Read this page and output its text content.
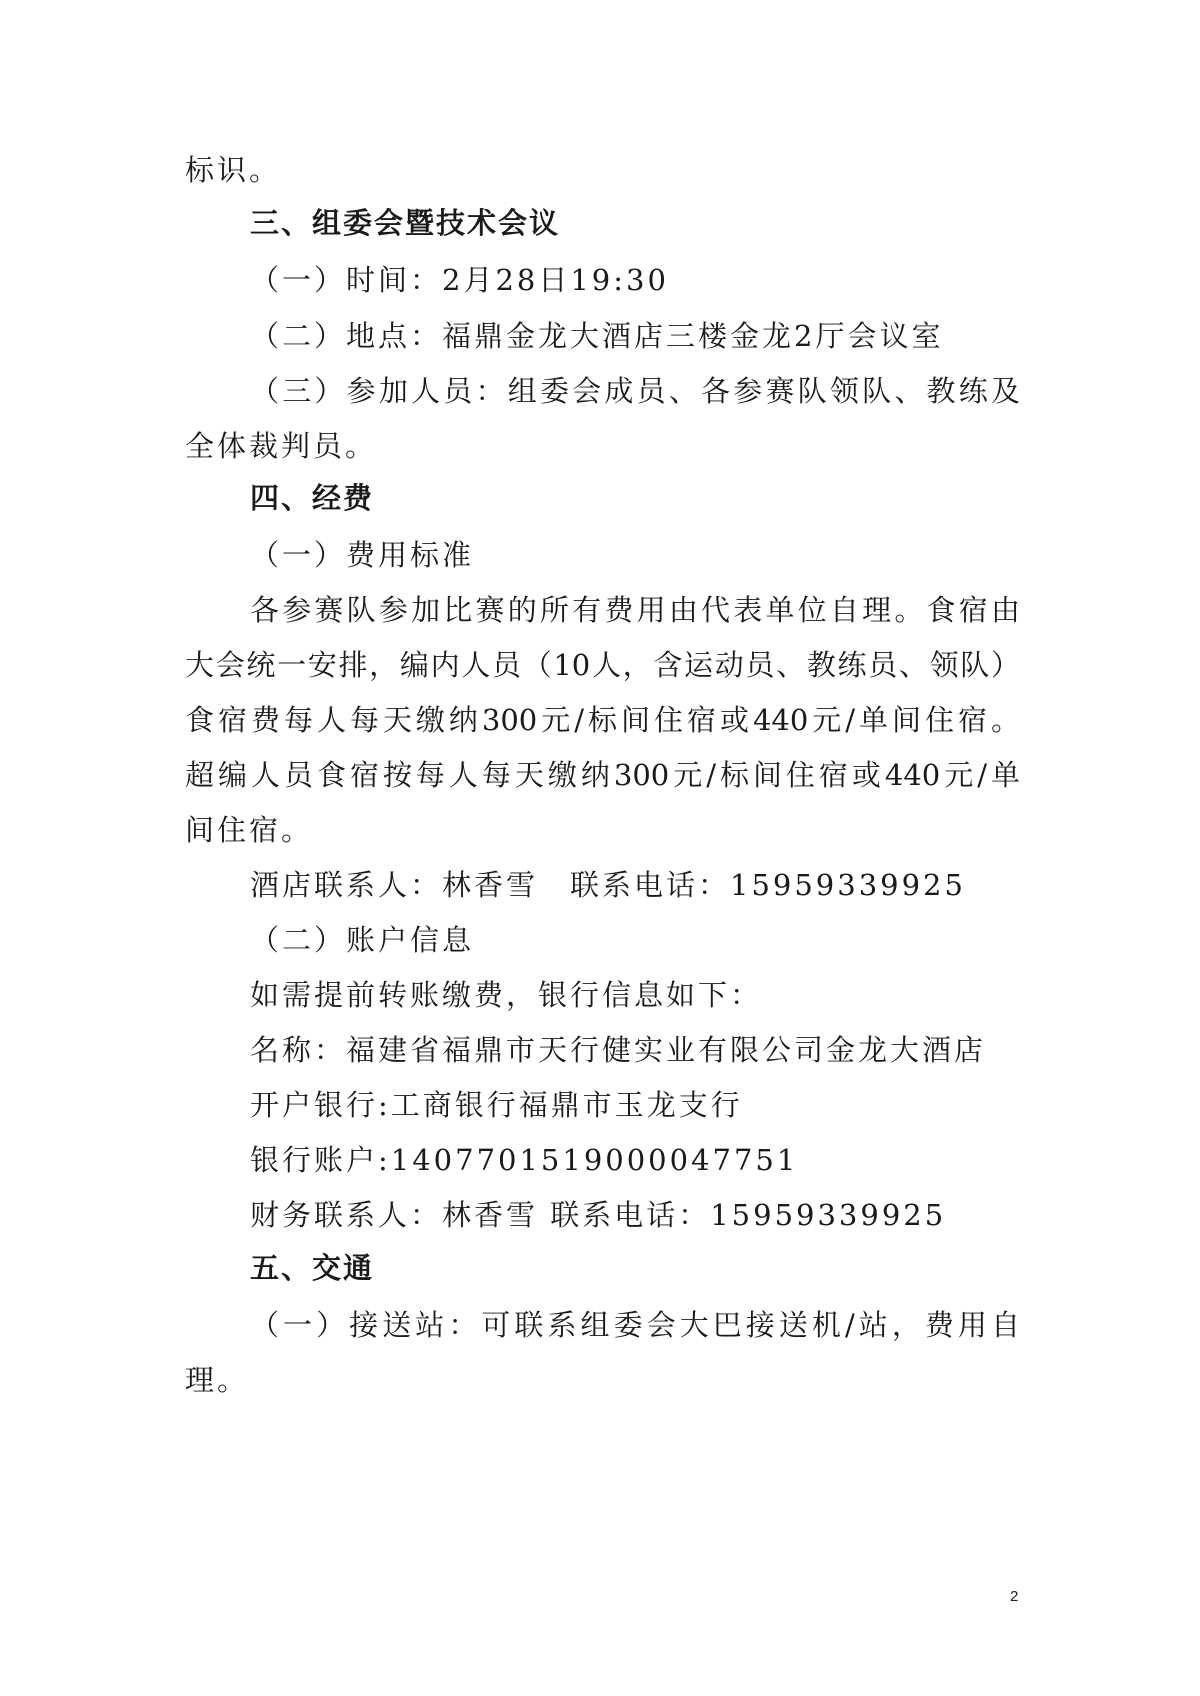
标识。
三、组委会暨技术会议
（一）时间：2月28日19:30
（二）地点：福鼎金龙大酒店三楼金龙2厅会议室
（三）参加人员：组委会成员、各参赛队领队、教练及
全体裁判员。
四、经费
（一）费用标准
各参赛队参加比赛的所有费用由代表单位自理。食宿由
大会统一安排，编内人员（10人，含运动员、教练员、领队）
食宿费每人每天缴纳300元/标间住宿或440元/单间住宿。
超编人员食宿按每人每天缴纳300元/标间住宿或440元/单
间住宿。
酒店联系人：林香雪　联系电话：15959339925
（二）账户信息
如需提前转账缴费，银行信息如下：
名称：福建省福鼎市天行健实业有限公司金龙大酒店
开户银行:工商银行福鼎市玉龙支行
银行账户:1407701519000047751
财务联系人：林香雪 联系电话：15959339925
五、交通
（一）接送站：可联系组委会大巴接送机/站，费用自
理。
2
